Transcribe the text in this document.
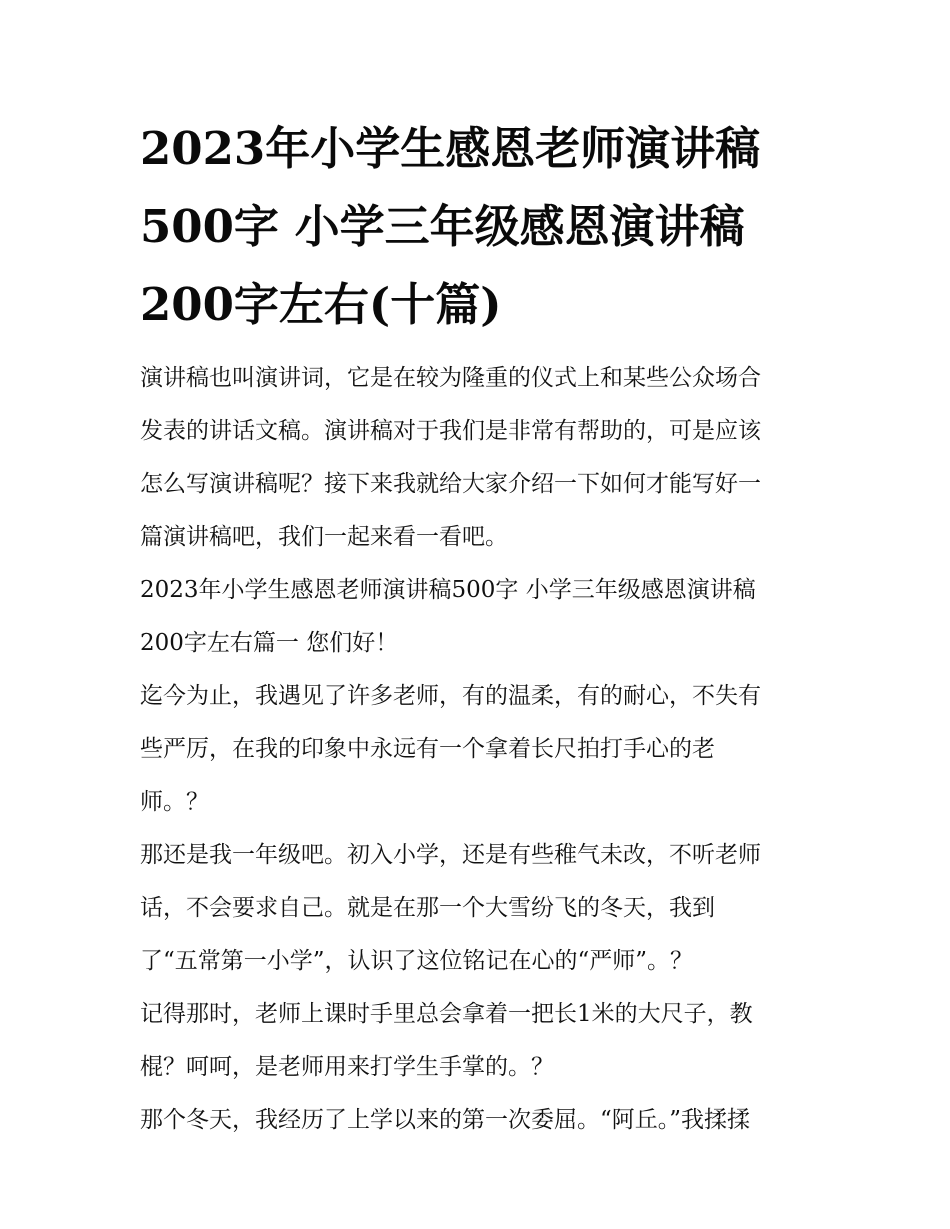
2023年小学生感恩老师演讲稿
500字 小学三年级感恩演讲稿
200字左右(十篇)
演讲稿也叫演讲词，它是在较为隆重的仪式上和某些公众场合
发表的讲话文稿。演讲稿对于我们是非常有帮助的，可是应该
怎么写演讲稿呢？接下来我就给大家介绍一下如何才能写好一
篇演讲稿吧，我们一起来看一看吧。
2023年小学生感恩老师演讲稿500字 小学三年级感恩演讲稿
200字左右篇一 您们好！
迄今为止，我遇见了许多老师，有的温柔，有的耐心，不失有
些严厉，在我的印象中永远有一个拿着长尺拍打手心的老
师。？
那还是我一年级吧。初入小学，还是有些稚气未改，不听老师
话，不会要求自己。就是在那一个大雪纷飞的冬天，我到
了“五常第一小学”，认识了这位铭记在心的“严师”。？
记得那时，老师上课时手里总会拿着一把长1米的大尺子，教
棍？呵呵，是老师用来打学生手掌的。？
那个冬天，我经历了上学以来的第一次委屈。“阿丘。”我揉揉
